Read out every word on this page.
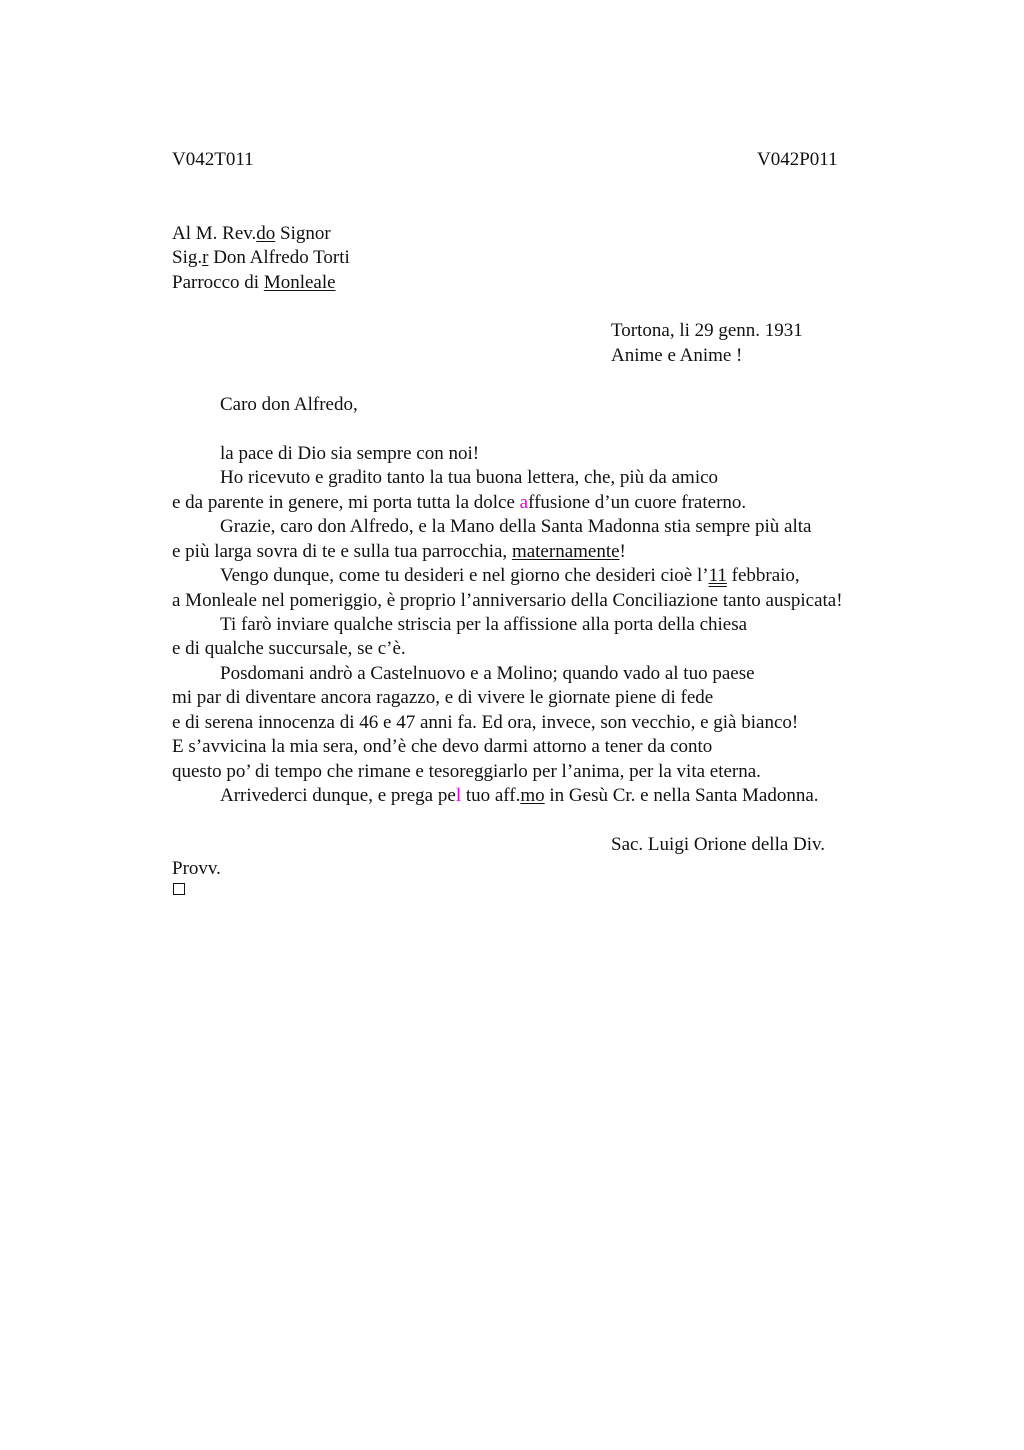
V042T011	V042P011
Al M. Rev.do Signor
Sig.r Don Alfredo Torti
Parrocco di Monleale
Tortona, li 29 genn. 1931
Anime e Anime !
Caro don Alfredo,
la pace di Dio sia sempre con noi!
Ho ricevuto e gradito tanto la tua buona lettera, che, più da amico
e da parente in genere, mi porta tutta la dolce affusione d’un cuore fraterno.
Grazie, caro don Alfredo, e la Mano della Santa Madonna stia sempre più alta
e più larga sovra di te e sulla tua parrocchia, maternamente!
Vengo dunque, come tu desideri e nel giorno che desideri cioè l’11 febbraio,
a Monleale nel pomeriggio, è proprio l’anniversario della Conciliazione tanto auspicata!
Ti farò inviare qualche striscia per la affissione alla porta della chiesa
e di qualche succursale, se c’è.
Posdomani andrò a Castelnuovo e a Molino; quando vado al tuo paese
mi par di diventare ancora ragazzo, e di vivere le giornate piene di fede
e di serena innocenza di 46 e 47 anni fa. Ed ora, invece, son vecchio, e già bianco!
E s’avvicina la mia sera, ond’è che devo darmi attorno a tener da conto
questo po’ di tempo che rimane e tesoreggiarlo per l’anima, per la vita eterna.
Arrivederci dunque, e prega pel tuo aff.mo in Gesù Cr. e nella Santa Madonna.
Sac. Luigi Orione della Div.
Provv.
